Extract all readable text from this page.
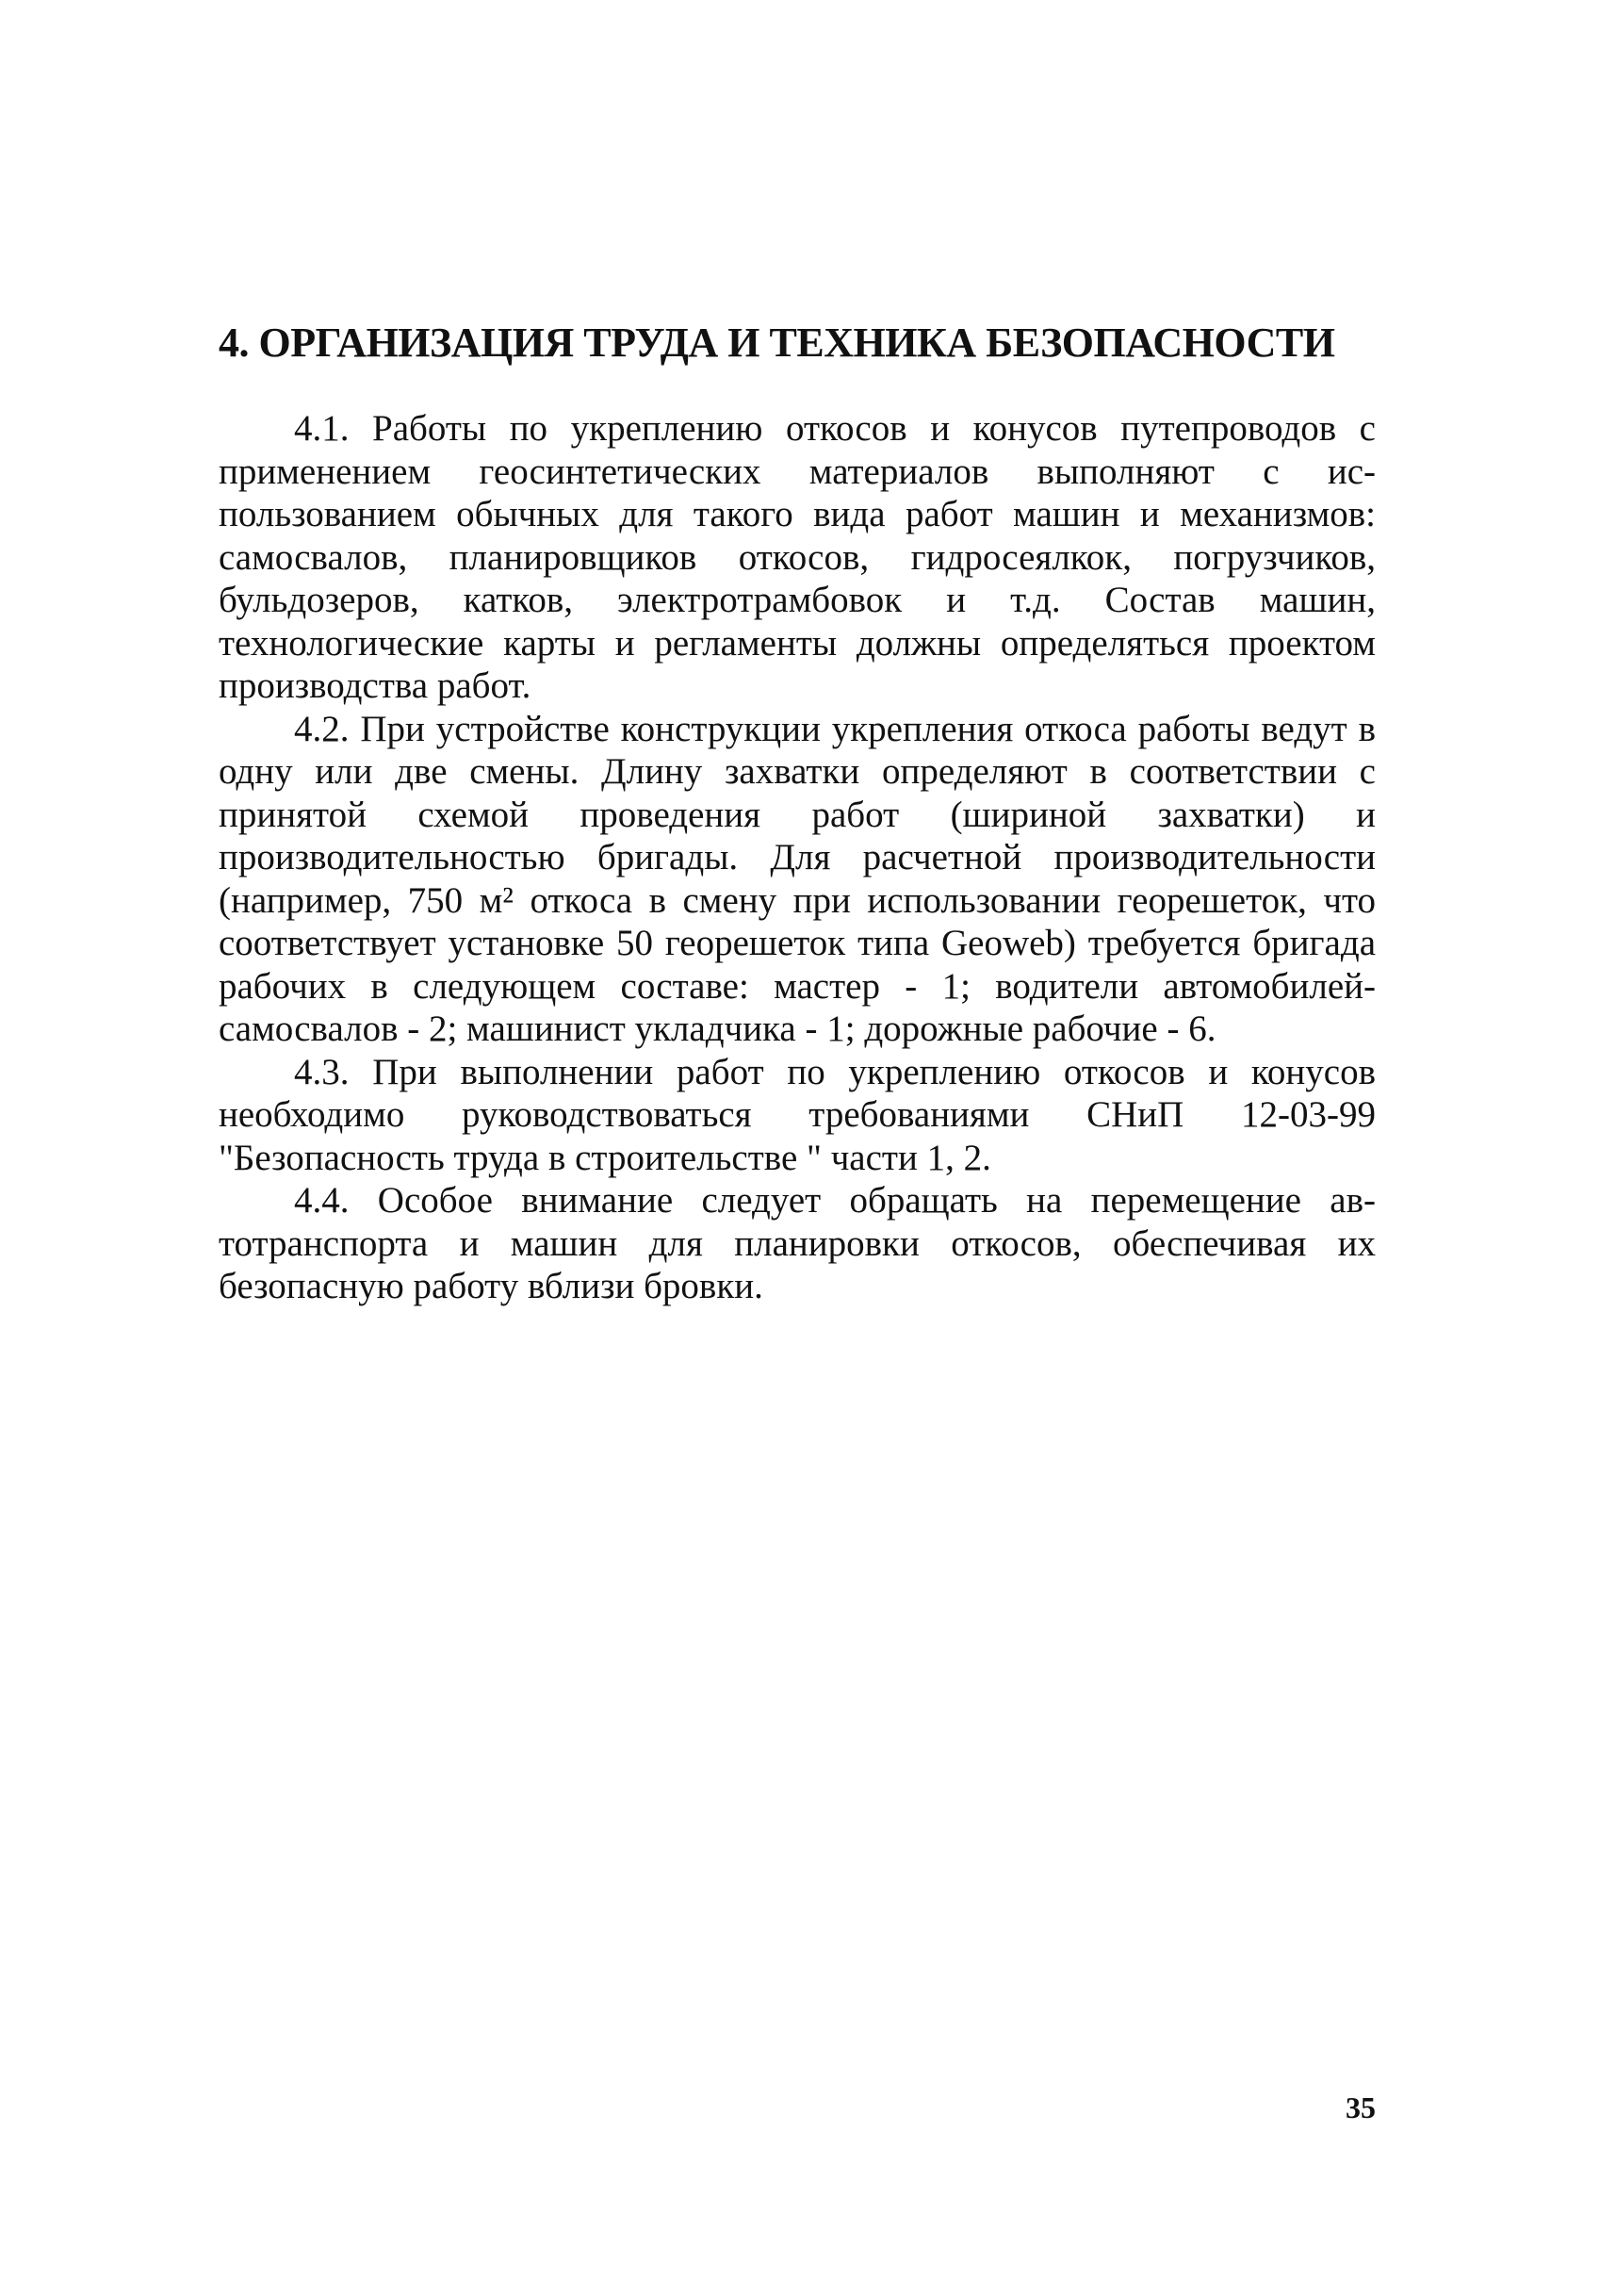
4. ОРГАНИЗАЦИЯ ТРУДА И ТЕХНИКА БЕЗОПАСНОСТИ

4.1. Работы по укреплению откосов и конусов путепроводов с применением геосинтетических материалов выполняют с использованием обычных для такого вида работ машин и механизмов: самосвалов, планировщиков откосов, гидросеялкок, погрузчиков, бульдозеров, катков, электротрамбовок и т.д. Состав машин, технологические карты и регламенты должны определяться проектом производства работ.

4.2. При устройстве конструкции укрепления откоса работы ведут в одну или две смены. Длину захватки определяют в соответствии с принятой схемой проведения работ (шириной захватки) и производительностью бригады. Для расчетной производительности (например, 750 м² откоса в смену при использовании георешеток, что соответствует установке 50 георешеток типа Geoweb) требуется бригада рабочих в следующем составе: мастер - 1; водители автомобилей-самосвалов - 2; машинист укладчика - 1; дорожные рабочие - 6.

4.3. При выполнении работ по укреплению откосов и конусов необходимо руководствоваться требованиями СНиП 12-03-99 "Безопасность труда в строительстве " части 1, 2.

4.4. Особое внимание следует обращать на перемещение автотранспорта и машин для планировки откосов, обеспечивая их безопасную работу вблизи бровки.

35
